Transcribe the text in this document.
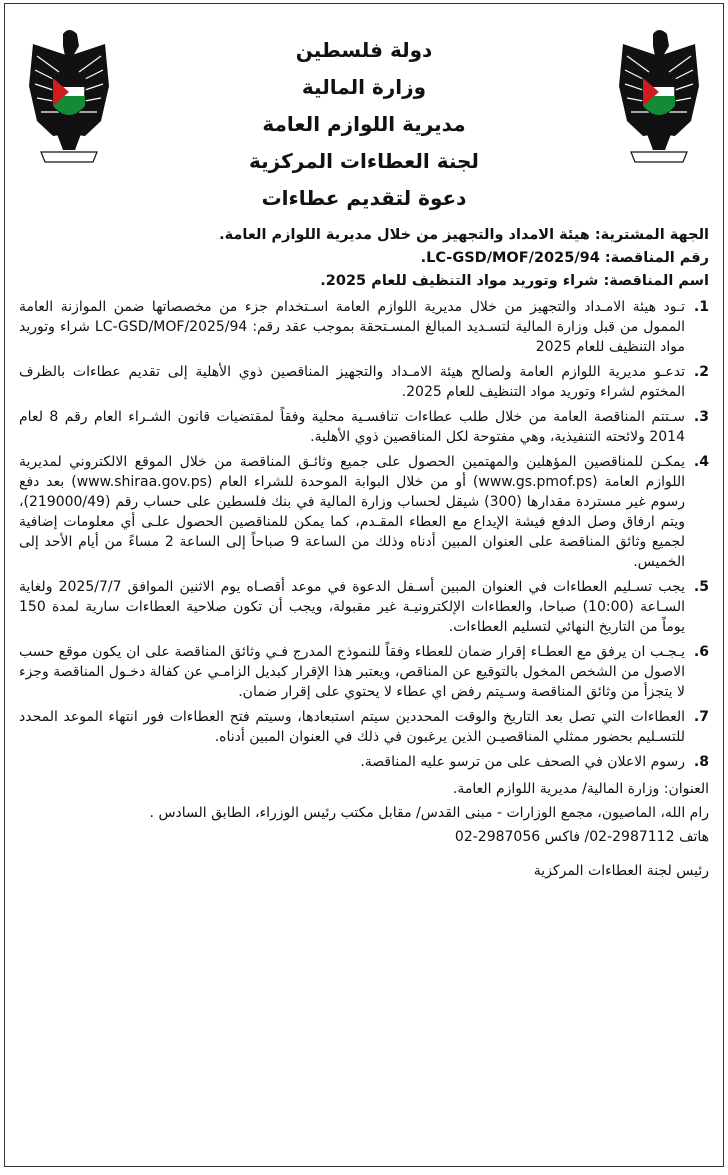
دولة فلسطين
وزارة المالية
مديرية اللوازم العامة
لجنة العطاءات المركزية
دعوة لتقديم عطاءات

الجهة المشترية: هيئة الامداد والتجهيز من خلال مديرية اللوازم العامة.

رقم المناقصة: LC-GSD/MOF/2025/94.

اسم المناقصة: شراء وتوريد مواد التنظيف للعام 2025.

1.
تـود هيئة الامـداد والتجهيز من خلال مديرية اللوازم العامة اسـتخدام جزء من مخصصاتها ضمن الموازنة العامة الممول من قبل وزارة المالية لتسـديد المبالغ المسـتحقة بموجب عقد رقم: LC-GSD/MOF/2025/94 شراء وتوريد مواد التنظيف للعام 2025
2.
تدعـو مديرية اللوازم العامة ولصالح هيئة الامـداد والتجهيز المناقصين ذوي الأهلية إلى تقديم عطاءات بالظرف المختوم لشراء وتوريد مواد التنظيف للعام 2025.
3.
سـتتم المناقصة العامة من خلال طلب عطاءات تنافسـية محلية وفقاً لمقتضيات قانون الشـراء العام رقم 8 لعام 2014 ولائحته التنفيذية، وهي مفتوحة لكل المناقصين ذوي الأهلية.
4.
يمكـن للمناقصين المؤهلين والمهتمين الحصول على جميع وثائـق المناقصة من خلال الموقع الالكتروني لمديرية اللوازم العامة (www.gs.pmof.ps) أو من خلال البوابة الموحدة للشراء العام (www.shiraa.gov.ps) بعد دفع رسوم غير مستردة مقدارها (300) شيقل لحساب وزارة المالية في بنك فلسطين على حساب رقم (219000/49)، ويتم ارفاق وصل الدفع فيشة الإيداع مع العطاء المقـدم، كما يمكن للمناقصين الحصول علـى أي معلومات إضافية لجميع وثائق المناقصة على العنوان المبين أدناه وذلك من الساعة 9 صباحاً إلى الساعة 2 مساءً من أيام الأحد إلى الخميس.
5.
يجب تسـليم العطاءات في العنوان المبين أسـفل الدعوة في موعد أقصـاه يوم الاثنين الموافق 2025/7/7 ولغاية السـاعة (10:00) صباحا، والعطاءات الإلكترونيـة غير مقبولة، ويجب أن تكون صلاحية العطاءات سارية لمدة 150 يوماً من التاريخ النهائي لتسليم العطاءات.
6.
يـجـب ان يرفق مع العطـاء إقرار ضمان للعطاء وفقاً للنموذج المدرج فـي وثائق المناقصة على ان يكون موقع حسب الاصول من الشخص المخول بالتوقيع عن المناقص، ويعتبر هذا الإقرار كبديل الزامـي عن كفالة دخـول المناقصة وجزء لا يتجزأ من وثائق المناقصة وسـيتم رفض اي عطاء لا يحتوي على إقرار ضمان.
7.
العطاءات التي تصل بعد التاريخ والوقت المحددين سيتم استبعادها، وسيتم فتح العطاءات فور انتهاء الموعد المحدد للتسـليم بحضور ممثلي المناقصيـن الذين يرغبون في ذلك في العنوان المبين أدناه.
8.
رسوم الاعلان في الصحف على من ترسو عليه المناقصة.

العنوان: وزارة المالية/ مديرية اللوازم العامة.

رام الله، الماصيون، مجمع الوزارات - مبنى القدس/ مقابل مكتب رئيس الوزراء، الطابق السادس .

هاتف 2987112-02/ فاكس 2987056-02

رئيس لجنة العطاءات المركزية
